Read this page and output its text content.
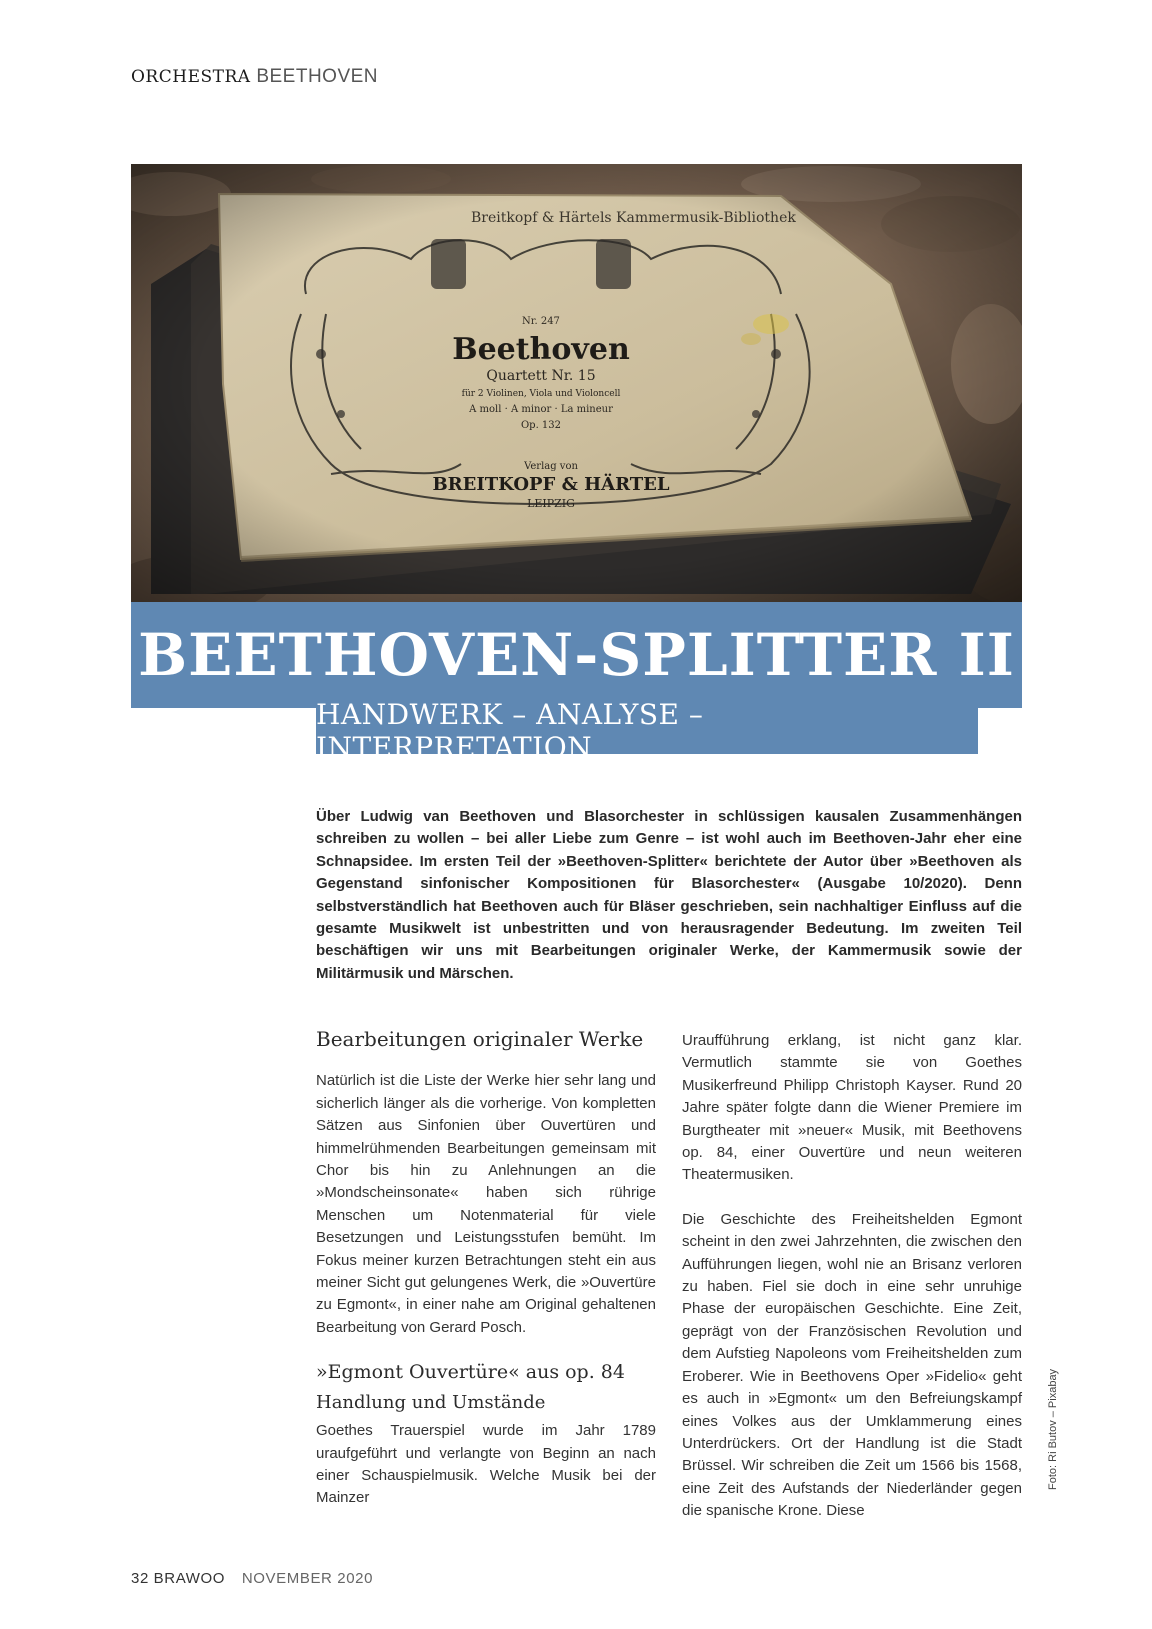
ORCHESTRA BEETHOVEN
BEETHOVEN-SPLITTER II
HANDWERK – ANALYSE – INTERPRETATION

Über Ludwig van Beethoven und Blasorchester in schlüssigen kausalen Zusammenhängen schreiben zu wollen – bei aller Liebe zum Genre – ist wohl auch im Beethoven-Jahr eher eine Schnapsidee. Im ersten Teil der »Beethoven-Splitter« berichtete der Autor über »Beethoven als Gegenstand sinfonischer Kompositionen für Blasorchester« (Ausgabe 10/2020). Denn selbstverständlich hat Beethoven auch für Bläser geschrieben, sein nachhaltiger Einfluss auf die gesamte Musikwelt ist unbestritten und von herausragender Bedeutung. Im zweiten Teil beschäftigen wir uns mit Bearbeitungen originaler Werke, der Kammermusik sowie der Militärmusik und Märschen.

Bearbeitungen originaler Werke

Natürlich ist die Liste der Werke hier sehr lang und sicherlich länger als die vorherige. Von kompletten Sätzen aus Sinfonien über Ouvertüren und himmelrühmenden Bearbeitungen gemeinsam mit Chor bis hin zu Anlehnungen an die »Mondscheinsonate« haben sich rührige Menschen um Notenmaterial für viele Besetzungen und Leistungsstufen bemüht. Im Fokus meiner kurzen Betrachtungen steht ein aus meiner Sicht gut gelungenes Werk, die »Ouvertüre zu Egmont«, in einer nahe am Original gehaltenen Bearbeitung von Gerard Posch.

»Egmont Ouvertüre« aus op. 84
Handlung und Umstände

Goethes Trauerspiel wurde im Jahr 1789 uraufgeführt und verlangte von Beginn an nach einer Schauspielmusik. Welche Musik bei der Mainzer

Uraufführung erklang, ist nicht ganz klar. Vermutlich stammte sie von Goethes Musikerfreund Philipp Christoph Kayser. Rund 20 Jahre später folgte dann die Wiener Premiere im Burgtheater mit »neuer« Musik, mit Beethovens op. 84, einer Ouvertüre und neun weiteren Theatermusiken.

Die Geschichte des Freiheitshelden Egmont scheint in den zwei Jahrzehnten, die zwischen den Aufführungen liegen, wohl nie an Brisanz verloren zu haben. Fiel sie doch in eine sehr unruhige Phase der europäischen Geschichte. Eine Zeit, geprägt von der Französischen Revolution und dem Aufstieg Napoleons vom Freiheitshelden zum Eroberer. Wie in Beethovens Oper »Fidelio« geht es auch in »Egmont« um den Befreiungskampf eines Volkes aus der Umklammerung eines Unterdrückers. Ort der Handlung ist die Stadt Brüssel. Wir schreiben die Zeit um 1566 bis 1568, eine Zeit des Aufstands der Niederländer gegen die spanische Krone. Diese

Foto: Ri Butov – Pixabay
32 BRAWOO NOVEMBER 2020
